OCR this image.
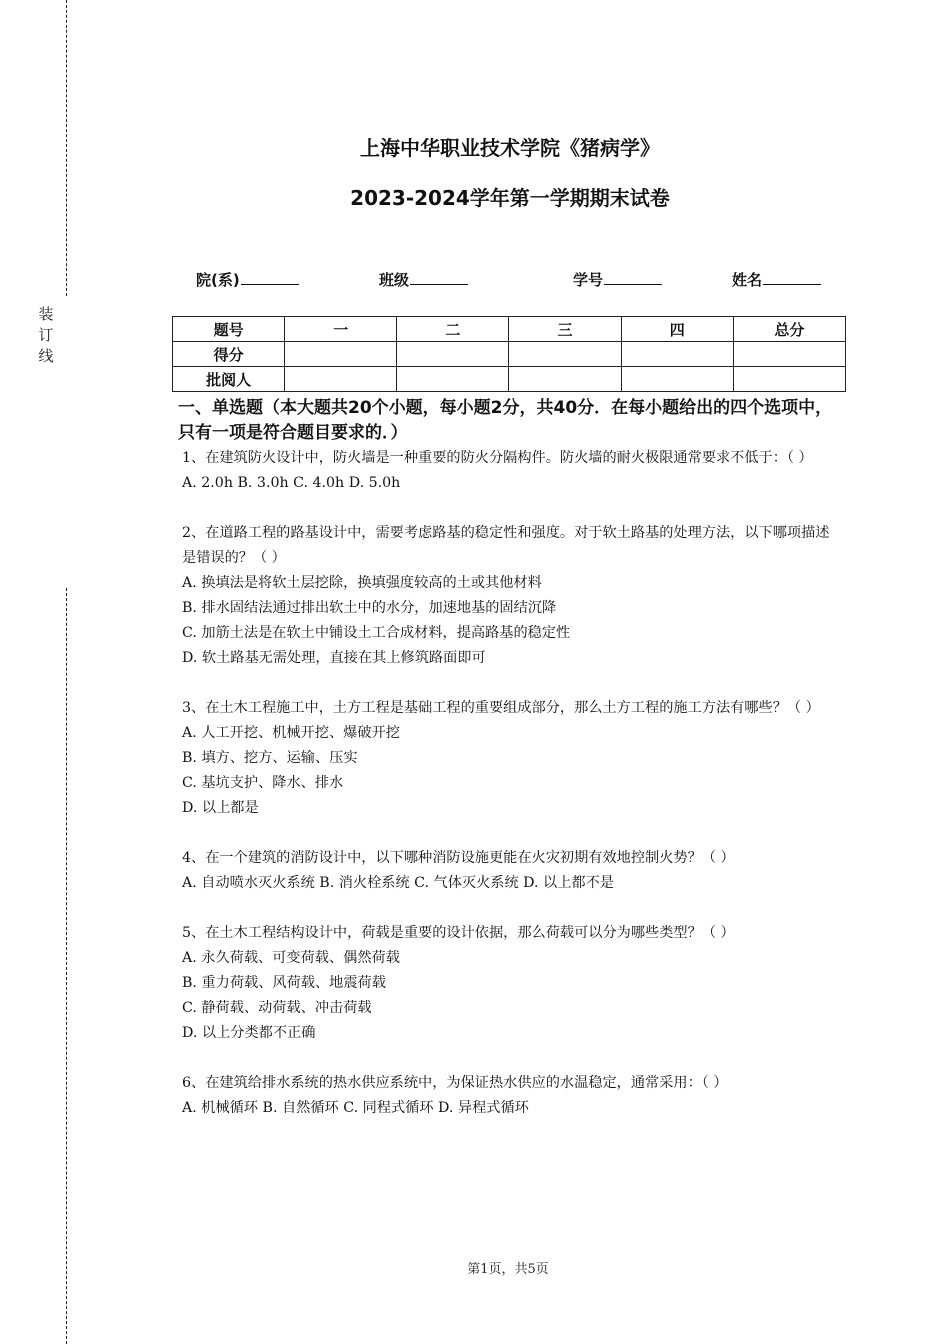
装订线
上海中华职业技术学院《猪病学》
2023-2024学年第一学期期末试卷
院(系)	班级	学号	姓名
题号	一	二	三	四	总分
得分					
批阅人					
一、单选题（本大题共20个小题，每小题2分，共40分．在每小题给出的四个选项中，只有一项是符合题目要求的．）

1、在建筑防火设计中，防火墙是一种重要的防火分隔构件。防火墙的耐火极限通常要求不低于：（ ）

A. 2.0h B. 3.0h C. 4.0h D. 5.0h

2、在道路工程的路基设计中，需要考虑路基的稳定性和强度。对于软土路基的处理方法，以下哪项描述是错误的？（ ）

A. 换填法是将软土层挖除，换填强度较高的土或其他材料

B. 排水固结法通过排出软土中的水分，加速地基的固结沉降

C. 加筋土法是在软土中铺设土工合成材料，提高路基的稳定性

D. 软土路基无需处理，直接在其上修筑路面即可

3、在土木工程施工中，土方工程是基础工程的重要组成部分，那么土方工程的施工方法有哪些？（ ）

A. 人工开挖、机械开挖、爆破开挖

B. 填方、挖方、运输、压实

C. 基坑支护、降水、排水

D. 以上都是

4、在一个建筑的消防设计中，以下哪种消防设施更能在火灾初期有效地控制火势？（ ）

A. 自动喷水灭火系统 B. 消火栓系统 C. 气体灭火系统 D. 以上都不是

5、在土木工程结构设计中，荷载是重要的设计依据，那么荷载可以分为哪些类型？（ ）

A. 永久荷载、可变荷载、偶然荷载

B. 重力荷载、风荷载、地震荷载

C. 静荷载、动荷载、冲击荷载

D. 以上分类都不正确

6、在建筑给排水系统的热水供应系统中，为保证热水供应的水温稳定，通常采用：（ ）

A. 机械循环 B. 自然循环 C. 同程式循环 D. 异程式循环

第1页，共5页
